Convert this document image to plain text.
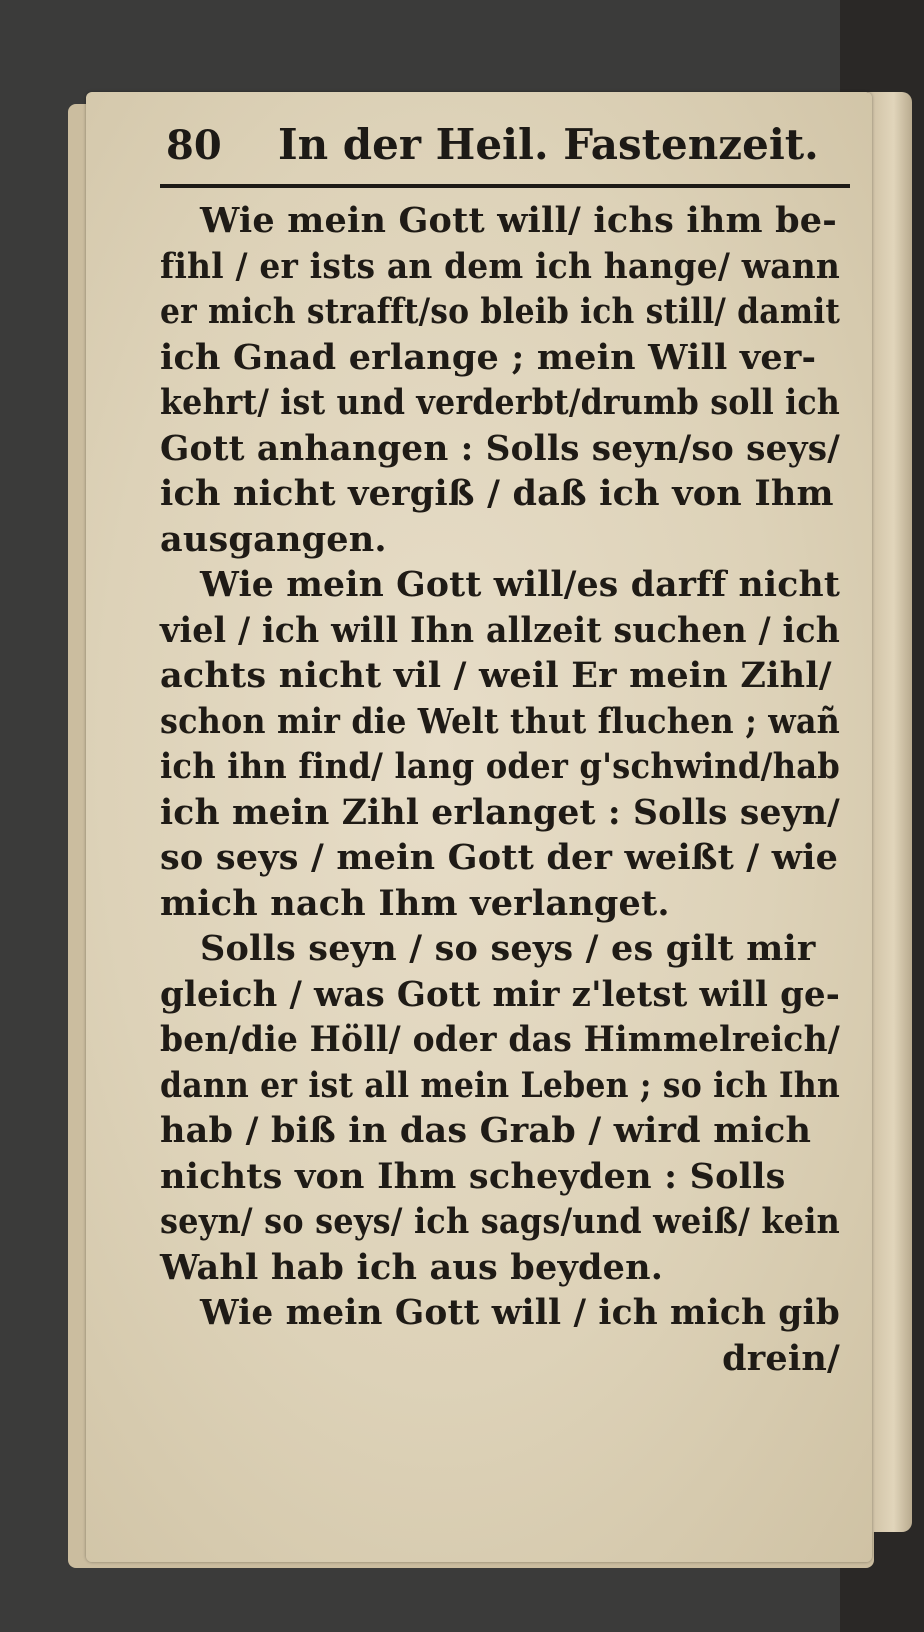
80 In der Heil. Fastenzeit.
Wie mein Gott will/ ichs ihm be-
fihl / er ists an dem ich hange/ wann
er mich strafft/so bleib ich still/ damit
ich Gnad erlange ; mein Will ver-
kehrt/ ist und verderbt/drumb soll ich
Gott anhangen : Solls seyn/so seys/
ich nicht vergiß / daß ich von Ihm
ausgangen.
Wie mein Gott will/es darff nicht
viel / ich will Ihn allzeit suchen / ich
achts nicht vil / weil Er mein Zihl/
schon mir die Welt thut fluchen ; wañ
ich ihn find/ lang oder g'schwind/hab
ich mein Zihl erlanget : Solls seyn/
so seys / mein Gott der weißt / wie
mich nach Ihm verlanget.
Solls seyn / so seys / es gilt mir
gleich / was Gott mir z'letst will ge-
ben/die Höll/ oder das Himmelreich/
dann er ist all mein Leben ; so ich Ihn
hab / biß in das Grab / wird mich
nichts von Ihm scheyden : Solls
seyn/ so seys/ ich sags/und weiß/ kein
Wahl hab ich aus beyden.
Wie mein Gott will / ich mich gib
drein/
